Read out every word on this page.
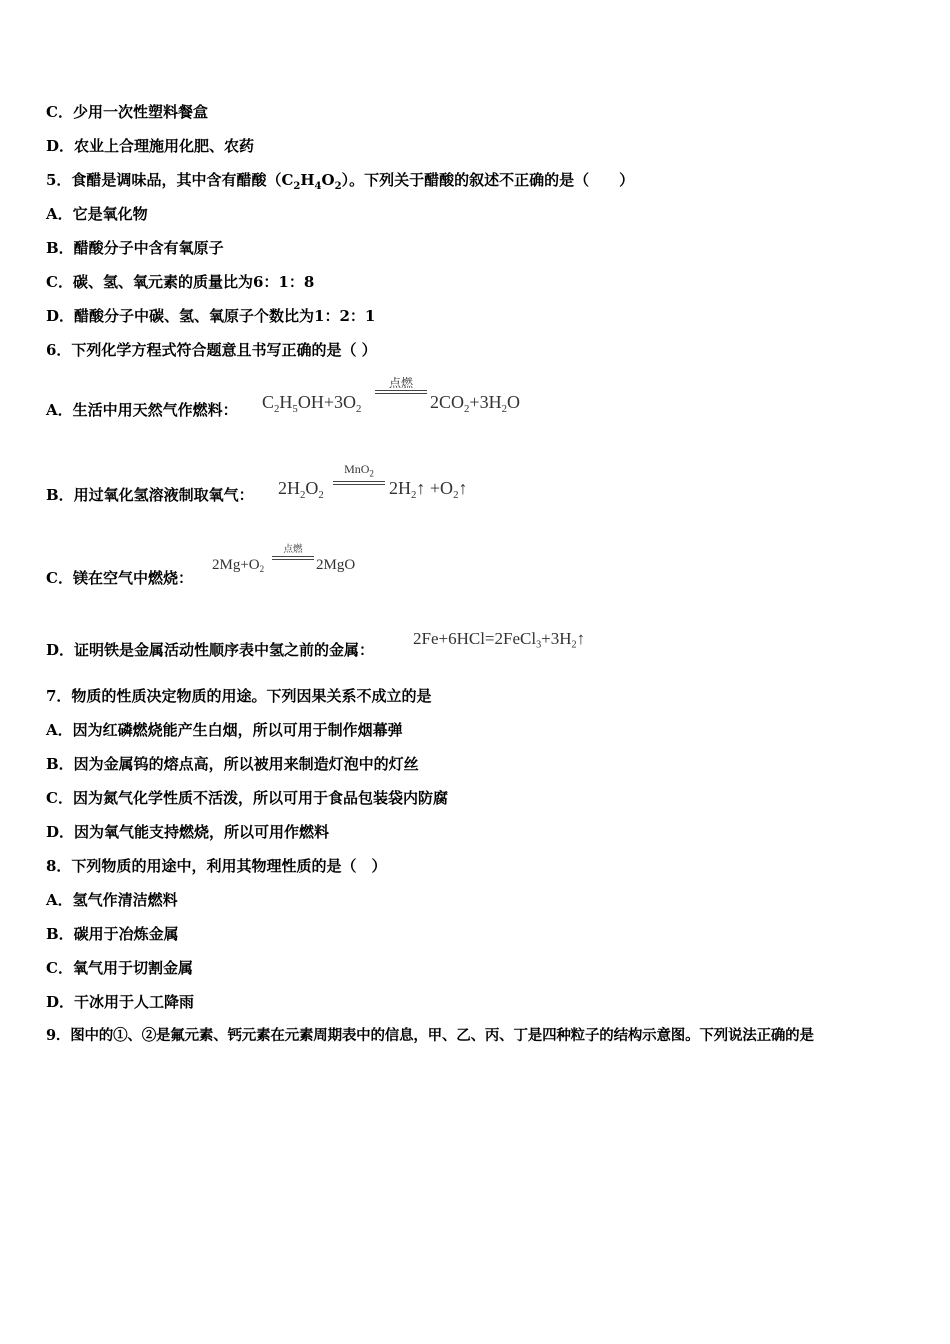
C．少用一次性塑料餐盒
D．农业上合理施用化肥、农药
5．食醋是调味品，其中含有醋酸$(C_2H_4O_2)$。下列关于醋酸的叙述不正确的是（　　）
A．它是氧化物
B．醋酸分子中含有氧原子
C．碳、氢、氧元素的质量比为6：1：8
D．醋酸分子中碳、氢、氧原子个数比为1：2：1
6．下列化学方程式符合题意且书写正确的是（ ）
A．生活中用天然气作燃料： $C_2H_5OH+3O_2$
点燃
$2CO_2+3H_2O$
B．用过氧化氢溶液制取氧气： $2H_2O_2$
MnO$_2$
$2H_2↑$ $+O_2↑$
C．镁在空气中燃烧：
$2Mg+O_2$
点燃
2MgO
D．证明铁是金属活动性顺序表中氢之前的金属：
$2Fe+6HCl=2FeCl_3+3H_2↑$
7．物质的性质决定物质的用途。下列因果关系不成立的是
A．因为红磷燃烧能产生白烟，所以可用于制作烟幕弹
B．因为金属钨的熔点高，所以被用来制造灯泡中的灯丝
C．因为氮气化学性质不活泼，所以可用于食品包装袋内防腐
D．因为氧气能支持燃烧，所以可用作燃料
8．下列物质的用途中，利用其物理性质的是（　）
A．氢气作清洁燃料
B．碳用于冶炼金属
C．氧气用于切割金属
D．干冰用于人工降雨
9．图中的①、②是氟元素、钙元素在元素周期表中的信息，甲、乙、丙、丁是四种粒子的结构示意图。下列说法正确的是
